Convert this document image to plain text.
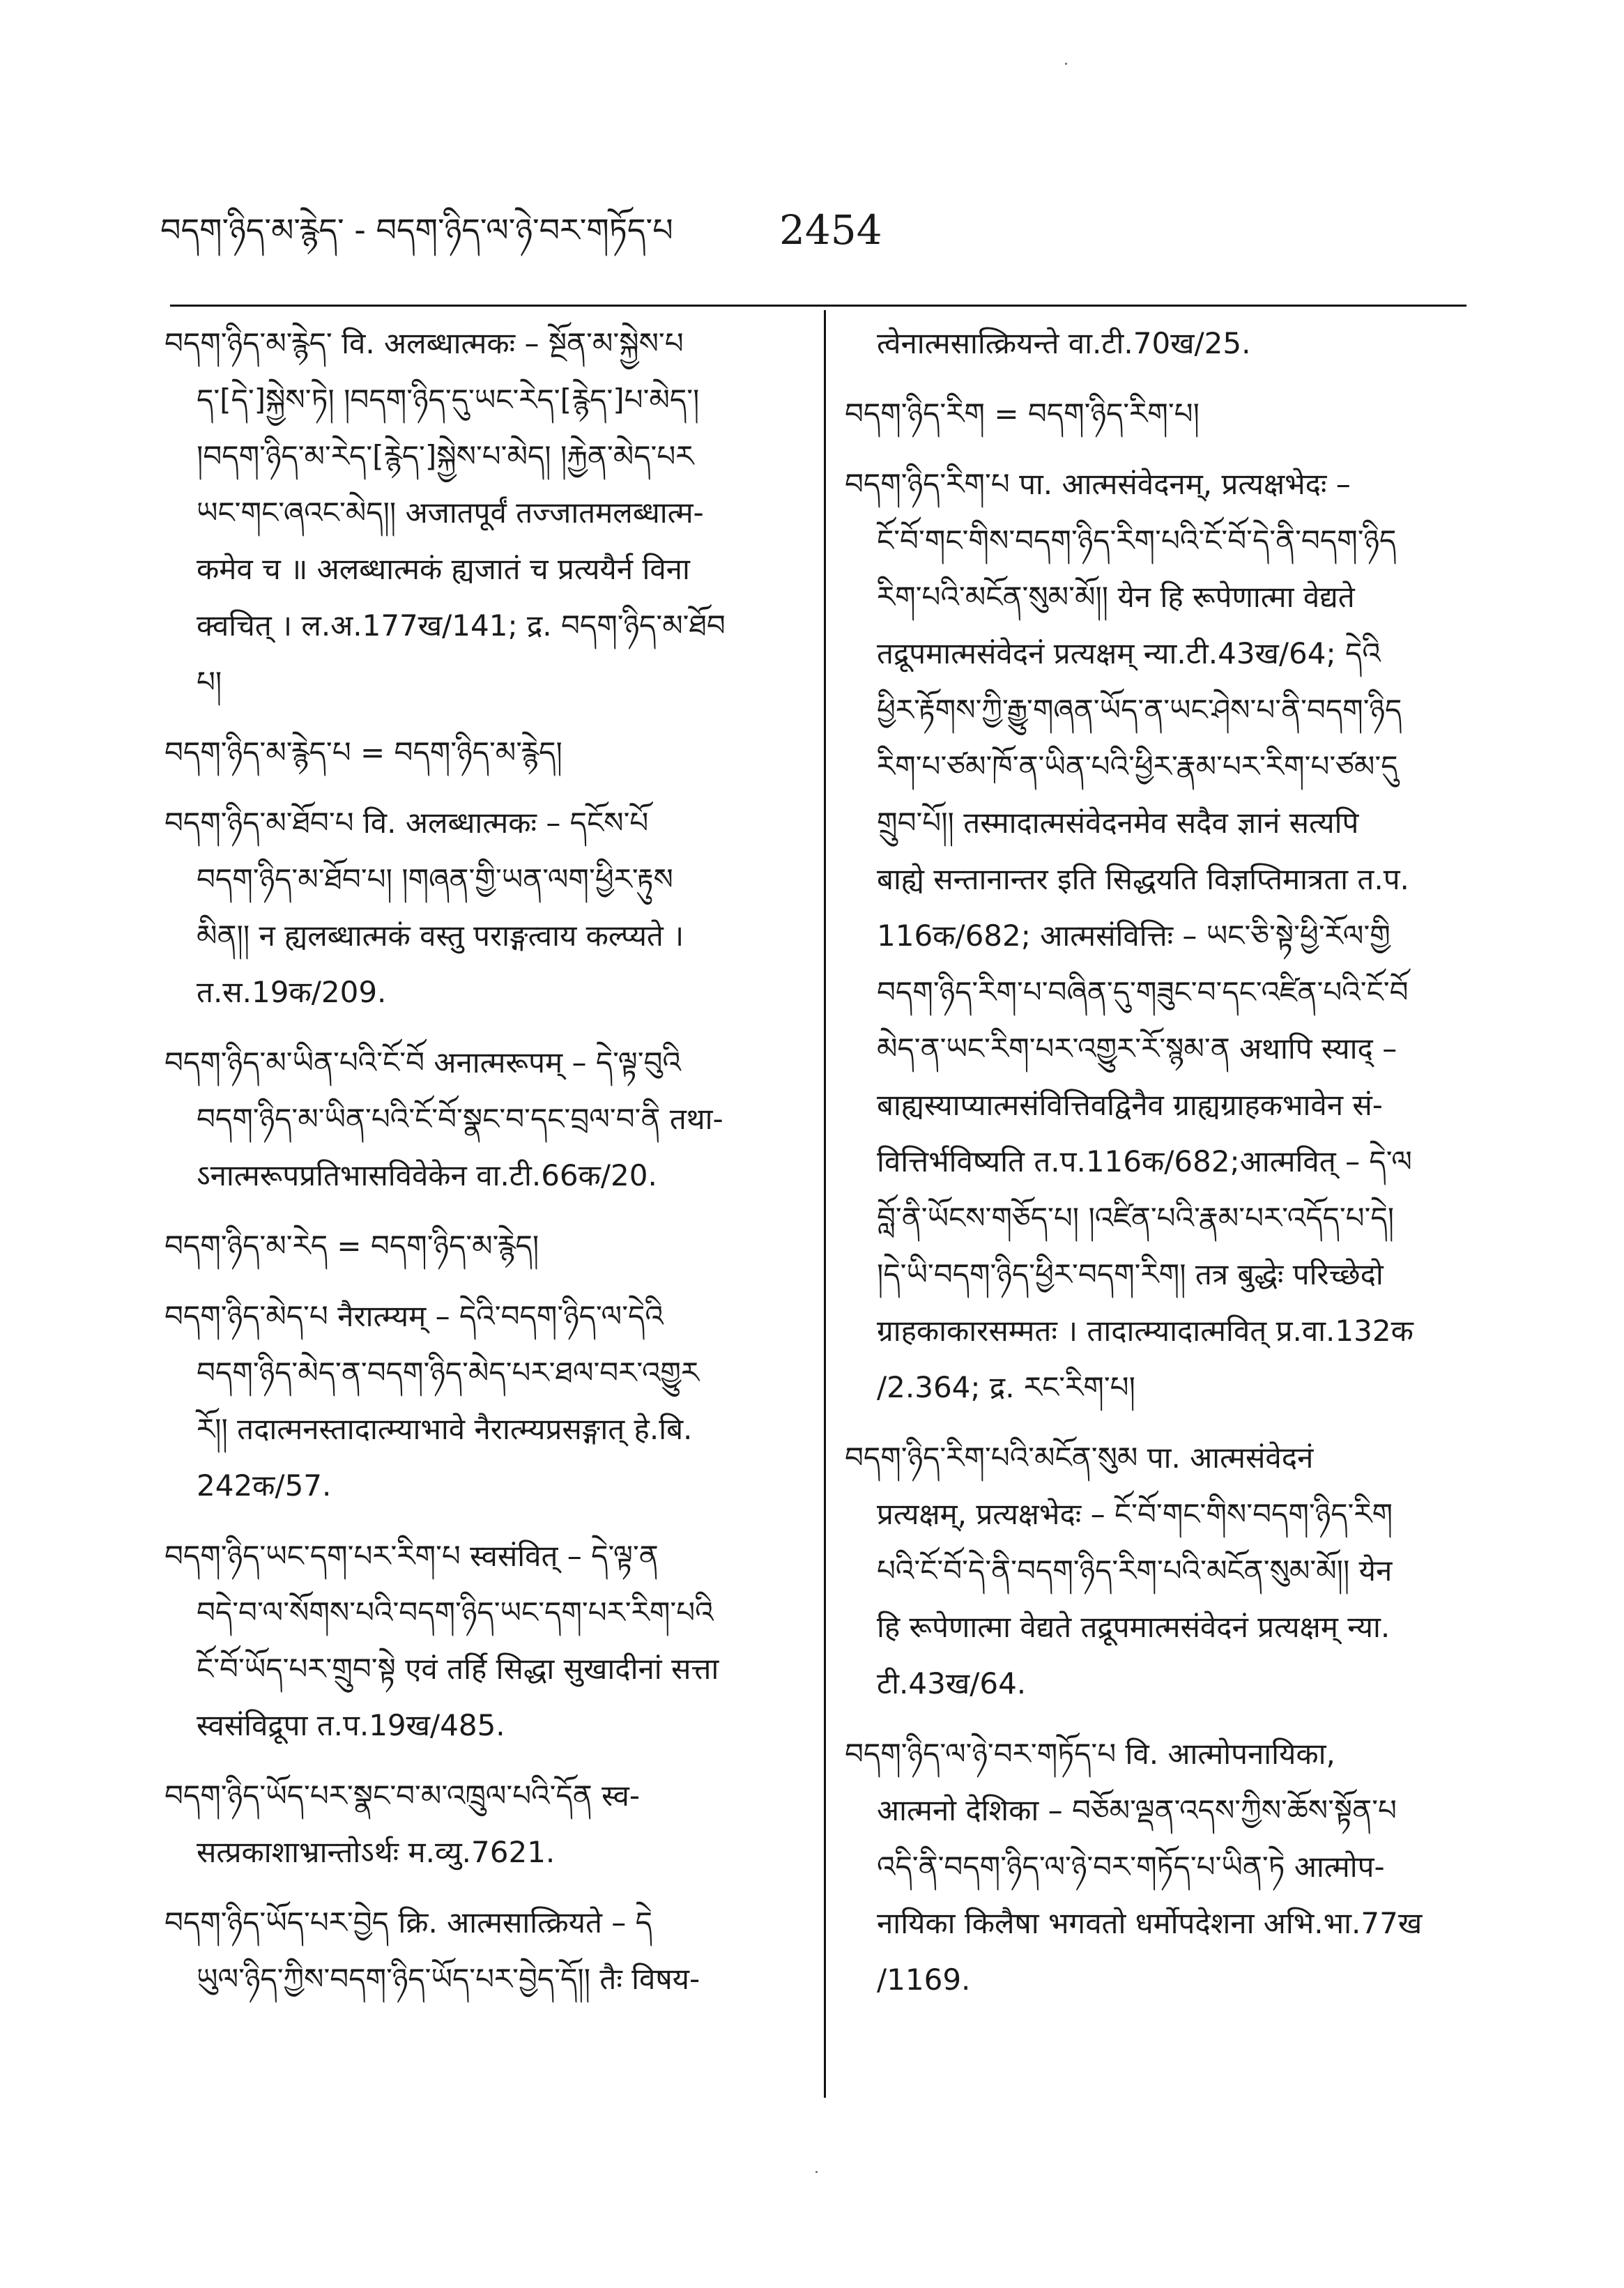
བདག་ཉིད་མ་རྙེད་ - བདག་ཉིད་ལ་ཉེ་བར་གཏོད་པ	2454
བདག་ཉིད་མ་རྙེད་ वि. अलब्धात्मकः – སྔོན་མ་སྐྱེས་པ
ད་[དེ་]སྐྱེས་ཏེ། །བདག་ཉིད་དུ་ཡང་རེད་[རྙེད་]པ་མེད་།
།བདག་ཉིད་མ་རེད་[རྙེད་]སྐྱེས་པ་མེད། །རྐྱེན་མེད་པར
ཡང་གང་ཞའང་མེད།། अजातपूर्वं तज्जातमलब्धात्म-
कमेव च ॥ अलब्धात्मकं ह्यजातं च प्रत्ययैर्न विना
क्वचित् । ल.अ.177ख/141; द्र. བདག་ཉིད་མ་ཐོབ
པ།
བདག་ཉིད་མ་རྙེད་པ = བདག་ཉིད་མ་རྙེད།
བདག་ཉིད་མ་ཐོབ་པ वि. अलब्धात्मकः – དངོས་པོ
བདག་ཉིད་མ་ཐོབ་པ། །གཞན་གྱི་ཡན་ལག་ཕྱིར་རྟུས
མིན།། न ह्यलब्धात्मकं वस्तु पराङ्गत्वाय कल्प्यते ।
त.स.19क/209.
བདག་ཉིད་མ་ཡིན་པའི་ངོ་བོ अनात्मरूपम् – དེ་ལྟ་བུའི
བདག་ཉིད་མ་ཡིན་པའི་ངོ་བོ་སྣང་བ་དང་བྲལ་བ་ནི तथा-
ऽनात्मरूपप्रतिभासविवेकेन वा.टी.66क/20.
བདག་ཉིད་མ་རེད = བདག་ཉིད་མ་རྙེད།
བདག་ཉིད་མེད་པ नैरात्म्यम् – དེའི་བདག་ཉིད་ལ་དེའི
བདག་ཉིད་མེད་ན་བདག་ཉིད་མེད་པར་ཐལ་བར་འགྱུར
རོ།། तदात्मनस्तादात्म्याभावे नैरात्म्यप्रसङ्गात् हे.बि.
242क/57.
བདག་ཉིད་ཡང་དག་པར་རིག་པ स्वसंवित् – དེ་ལྟ་ན
བདེ་བ་ལ་སོགས་པའི་བདག་ཉིད་ཡང་དག་པར་རིག་པའི
ངོ་བོ་ཡོད་པར་གྲུབ་སྟེ एवं तर्हि सिद्धा सुखादीनां सत्ता
स्वसंविद्रूपा त.प.19ख/485.
བདག་ཉིད་ཡོད་པར་སྣང་བ་མ་འཁྲུལ་པའི་དོན स्व-
सत्प्रकाशाभ्रान्तोऽर्थः म.व्यु.7621.
བདག་ཉིད་ཡོད་པར་བྱེད क्रि. आत्मसात्क्रियते – དེ
ཡུལ་ཉིད་ཀྱིས་བདག་ཉིད་ཡོད་པར་བྱེད་དོ།། तैः विषय-
त्वेनात्मसात्क्रियन्ते वा.टी.70ख/25.
བདག་ཉིད་རིག = བདག་ཉིད་རིག་པ།
བདག་ཉིད་རིག་པ पा. आत्मसंवेदनम्, प्रत्यक्षभेदः –
ངོ་བོ་གང་གིས་བདག་ཉིད་རིག་པའི་ངོ་བོ་དེ་ནི་བདག་ཉིད
རིག་པའི་མངོན་སུམ་མོ།། येन हि रूपेणात्मा वेद्यते
तद्रूपमात्मसंवेदनं प्रत्यक्षम् न्या.टी.43ख/64; དེའི
ཕྱིར་རྟོགས་ཀྱི་རྒྱུ་གཞན་ཡོད་ན་ཡང་ཤེས་པ་ནི་བདག་ཉིད
རིག་པ་ཙམ་ཁོ་ན་ཡིན་པའི་ཕྱིར་རྣམ་པར་རིག་པ་ཙམ་དུ
གྲུབ་པོ།། तस्मादात्मसंवेदनमेव सदैव ज्ञानं सत्यपि
बाह्ये सन्तानान्तर इति सिद्धयति विज्ञप्तिमात्रता त.प.
116क/682; आत्मसंवित्तिः – ཡང་ཅི་སྟེ་ཕྱི་རོལ་གྱི
བདག་ཉིད་རིག་པ་བཞིན་དུ་གཟུང་བ་དང་འཛིན་པའི་ངོ་བོ
མེད་ན་ཡང་རིག་པར་འགྱུར་རོ་སྙམ་ན अथापि स्याद् –
बाह्यस्याप्यात्मसंवित्तिवद्विनैव ग्राह्यग्राहकभावेन सं-
वित्तिर्भविष्यति त.प.116क/682;आत्मवित् – དེ་ལ
བློ་ནི་ཡོངས་གཅོད་པ། །འཛིན་པའི་རྣམ་པར་འདོད་པ་དེ།
།དེ་ཡི་བདག་ཉིད་ཕྱིར་བདག་རིག། तत्र बुद्धेः परिच्छेदो
ग्राहकाकारसम्मतः । तादात्म्यादात्मवित् प्र.वा.132क
/2.364; द्र. རང་རིག་པ།
བདག་ཉིད་རིག་པའི་མངོན་སུམ पा. आत्मसंवेदनं
प्रत्यक्षम्, प्रत्यक्षभेदः – ངོ་བོ་གང་གིས་བདག་ཉིད་རིག
པའི་ངོ་བོ་དེ་ནི་བདག་ཉིད་རིག་པའི་མངོན་སུམ་མོ།། येन
हि रूपेणात्मा वेद्यते तद्रूपमात्मसंवेदनं प्रत्यक्षम् न्या.
टी.43ख/64.
བདག་ཉིད་ལ་ཉེ་བར་གཏོད་པ वि. आत्मोपनायिका,
आत्मनो देशिका – བཅོམ་ལྡན་འདས་ཀྱིས་ཆོས་སྟོན་པ
འདི་ནི་བདག་ཉིད་ལ་ཉེ་བར་གཏོད་པ་ཡིན་ཏེ आत्मोप-
नायिका किलैषा भगवतो धर्मोपदेशना अभि.भा.77ख
/1169.
